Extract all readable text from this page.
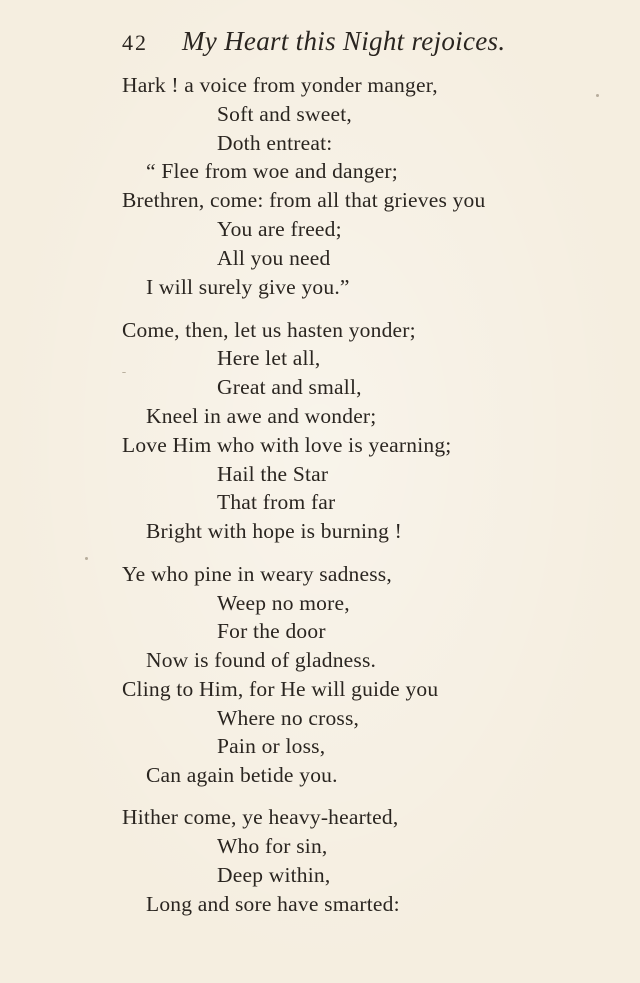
42 My Heart this Night rejoices.
Hark ! a voice from yonder manger,
Soft and sweet,
Doth entreat:
“ Flee from woe and danger;
Brethren, come: from all that grieves you
You are freed;
All you need
I will surely give you.”
Come, then, let us hasten yonder;
Here let all,
Great and small,
Kneel in awe and wonder;
Love Him who with love is yearning;
Hail the Star
That from far
Bright with hope is burning !
Ye who pine in weary sadness,
Weep no more,
For the door
Now is found of gladness.
Cling to Him, for He will guide you
Where no cross,
Pain or loss,
Can again betide you.
Hither come, ye heavy-hearted,
Who for sin,
Deep within,
Long and sore have smarted:
